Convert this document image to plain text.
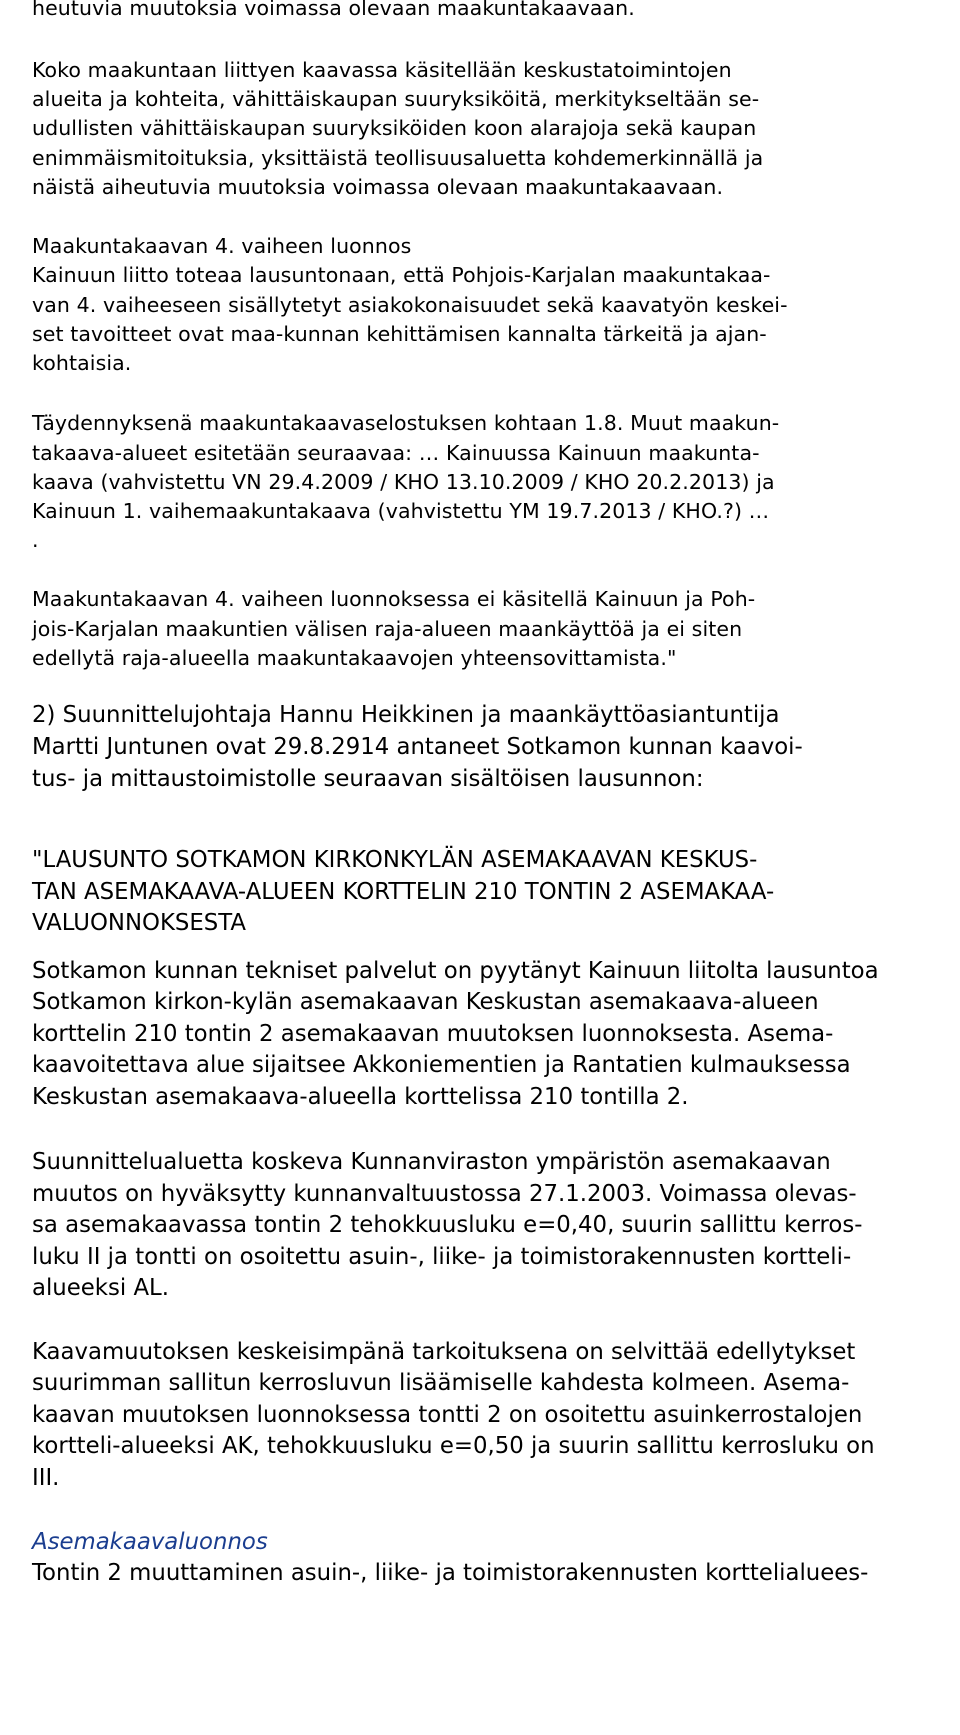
heutuvia muutoksia voimassa olevaan maakuntakaavaan.

Koko maakuntaan liittyen kaavassa käsitellään keskustatoimintojen

alueita ja kohteita, vähittäiskaupan suuryksiköitä, merkitykseltään se-

udullisten vähittäiskaupan suuryksiköiden koon alarajoja sekä kaupan

enimmäismitoituksia, yksittäistä teollisuusaluetta kohdemerkinnällä ja

näistä aiheutuvia muutoksia voimassa olevaan maakuntakaavaan.

Maakuntakaavan 4. vaiheen luonnos

Kainuun liitto toteaa lausuntonaan, että Pohjois-Karjalan maakuntakaa-

van 4. vaiheeseen sisällytetyt asiakokonaisuudet sekä kaavatyön keskei-

set tavoitteet ovat maa-kunnan kehittämisen kannalta tärkeitä ja ajan-

kohtaisia.

Täydennyksenä maakuntakaavaselostuksen kohtaan 1.8. Muut maakun-

takaava-alueet esitetään seuraavaa: … Kainuussa Kainuun maakunta-

kaava (vahvistettu VN 29.4.2009 / KHO 13.10.2009 / KHO 20.2.2013) ja

Kainuun 1. vaihemaakuntakaava (vahvistettu YM 19.7.2013 / KHO.?) …

.

Maakuntakaavan 4. vaiheen luonnoksessa ei käsitellä Kainuun ja Poh-

jois-Karjalan maakuntien välisen raja-alueen maankäyttöä ja ei siten

edellytä raja-alueella maakuntakaavojen yhteensovittamista."

2) Suunnittelujohtaja Hannu Heikkinen ja maankäyttöasiantuntija

Martti Juntunen ovat 29.8.2914 antaneet Sotkamon kunnan kaavoi-

tus- ja mittaustoimistolle seuraavan sisältöisen lausunnon:

"LAUSUNTO SOTKAMON KIRKONKYLÄN ASEMAKAAVAN KESKUS-

TAN ASEMAKAAVA-ALUEEN KORTTELIN 210 TONTIN 2 ASEMAKAA-

VALUONNOKSESTA

Sotkamon kunnan tekniset palvelut on pyytänyt Kainuun liitolta lausuntoa

Sotkamon kirkon-kylän asemakaavan Keskustan asemakaava-alueen

korttelin 210 tontin 2 asemakaavan muutoksen luonnoksesta. Asema-

kaavoitettava alue sijaitsee Akkoniementien ja Rantatien kulmauksessa

Keskustan asemakaava-alueella korttelissa 210 tontilla 2.

Suunnittelualuetta koskeva Kunnanviraston ympäristön asemakaavan

muutos on hyväksytty kunnanvaltuustossa 27.1.2003. Voimassa olevas-

sa asemakaavassa tontin 2 tehokkuusluku e=0,40, suurin sallittu kerros-

luku II ja tontti on osoitettu asuin-, liike- ja toimistorakennusten kortteli-

alueeksi AL.

Kaavamuutoksen keskeisimpänä tarkoituksena on selvittää edellytykset

suurimman sallitun kerrosluvun lisäämiselle kahdesta kolmeen. Asema-

kaavan muutoksen luonnoksessa tontti 2 on osoitettu asuinkerrostalojen

kortteli-alueeksi AK, tehokkuusluku e=0,50 ja suurin sallittu kerrosluku on

III.

Asemakaavaluonnos

Tontin 2 muuttaminen asuin-, liike- ja toimistorakennusten korttelialuees-
